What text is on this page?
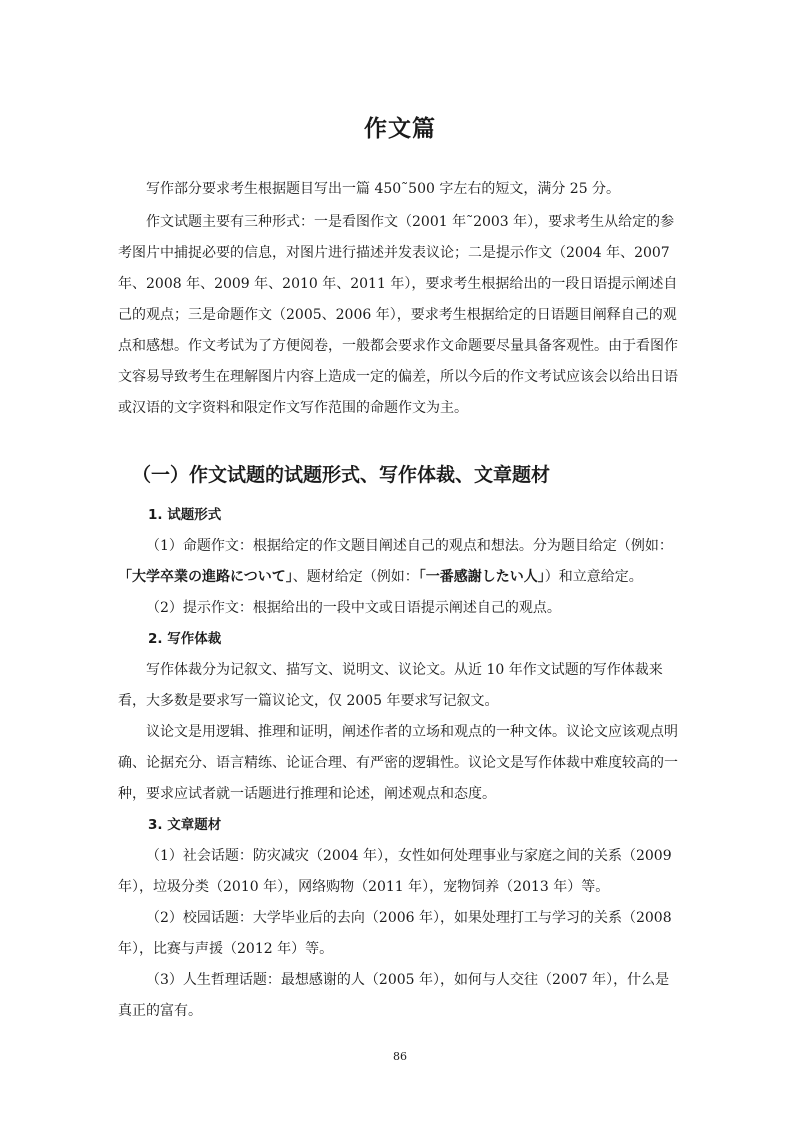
作文篇

写作部分要求考生根据题目写出一篇 450˜500 字左右的短文，满分 25 分。

作文试题主要有三种形式：一是看图作文（2001 年˜2003 年），要求考生从给定的参考图片中捕捉必要的信息，对图片进行描述并发表议论；二是提示作文（2004 年、2007 年、2008 年、2009 年、2010 年、2011 年），要求考生根据给出的一段日语提示阐述自己的观点；三是命题作文（2005、2006 年），要求考生根据给定的日语题目阐释自己的观点和感想。作文考试为了方便阅卷，一般都会要求作文命题要尽量具备客观性。由于看图作文容易导致考生在理解图片内容上造成一定的偏差，所以今后的作文考试应该会以给出日语或汉语的文字资料和限定作文写作范围的命题作文为主。

（一）作文试题的试题形式、写作体裁、文章题材
1. 试题形式

（1）命题作文：根据给定的作文题目阐述自己的观点和想法。分为题目给定（例如：「大学卒業の進路について」、题材给定（例如：「一番感謝したい人」）和立意给定。

（2）提示作文：根据给出的一段中文或日语提示阐述自己的观点。

2. 写作体裁

写作体裁分为记叙文、描写文、说明文、议论文。从近 10 年作文试题的写作体裁来看，大多数是要求写一篇议论文，仅 2005 年要求写记叙文。

议论文是用逻辑、推理和证明，阐述作者的立场和观点的一种文体。议论文应该观点明确、论据充分、语言精练、论证合理、有严密的逻辑性。议论文是写作体裁中难度较高的一种，要求应试者就一话题进行推理和论述，阐述观点和态度。

3. 文章题材

（1）社会话题：防灾减灾（2004 年），女性如何处理事业与家庭之间的关系（2009 年），垃圾分类（2010 年），网络购物（2011 年），宠物饲养（2013 年）等。

（2）校园话题：大学毕业后的去向（2006 年），如果处理打工与学习的关系（2008 年），比赛与声援（2012 年）等。

（3）人生哲理话题：最想感谢的人（2005 年），如何与人交往（2007 年），什么是真正的富有。

86
